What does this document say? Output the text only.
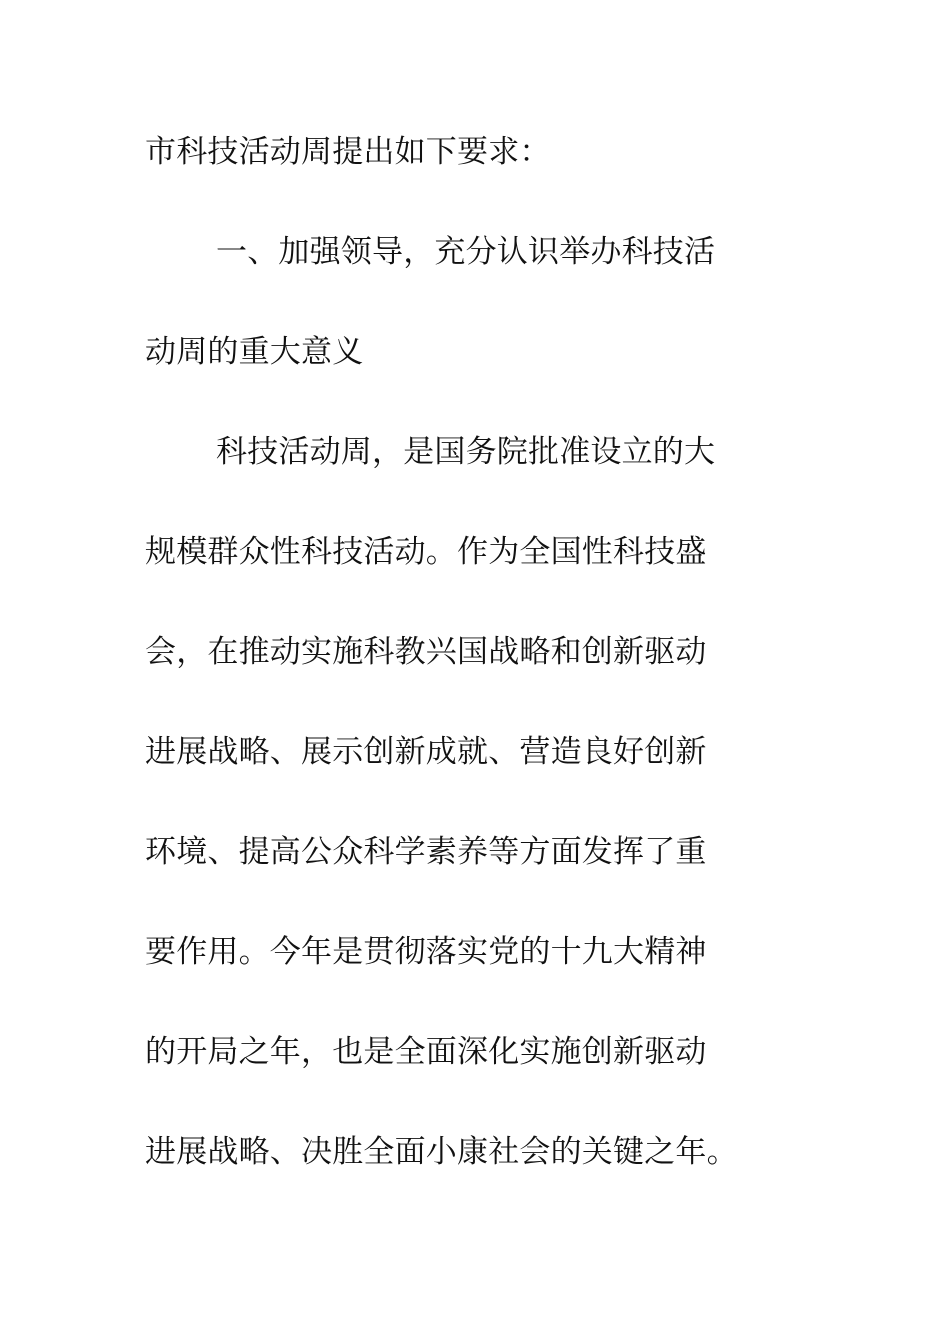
市科技活动周提出如下要求：
一、加强领导，充分认识举办科技活
动周的重大意义
科技活动周，是国务院批准设立的大
规模群众性科技活动。作为全国性科技盛
会，在推动实施科教兴国战略和创新驱动
进展战略、展示创新成就、营造良好创新
环境、提高公众科学素养等方面发挥了重
要作用。今年是贯彻落实党的十九大精神
的开局之年，也是全面深化实施创新驱动
进展战略、决胜全面小康社会的关键之年。
